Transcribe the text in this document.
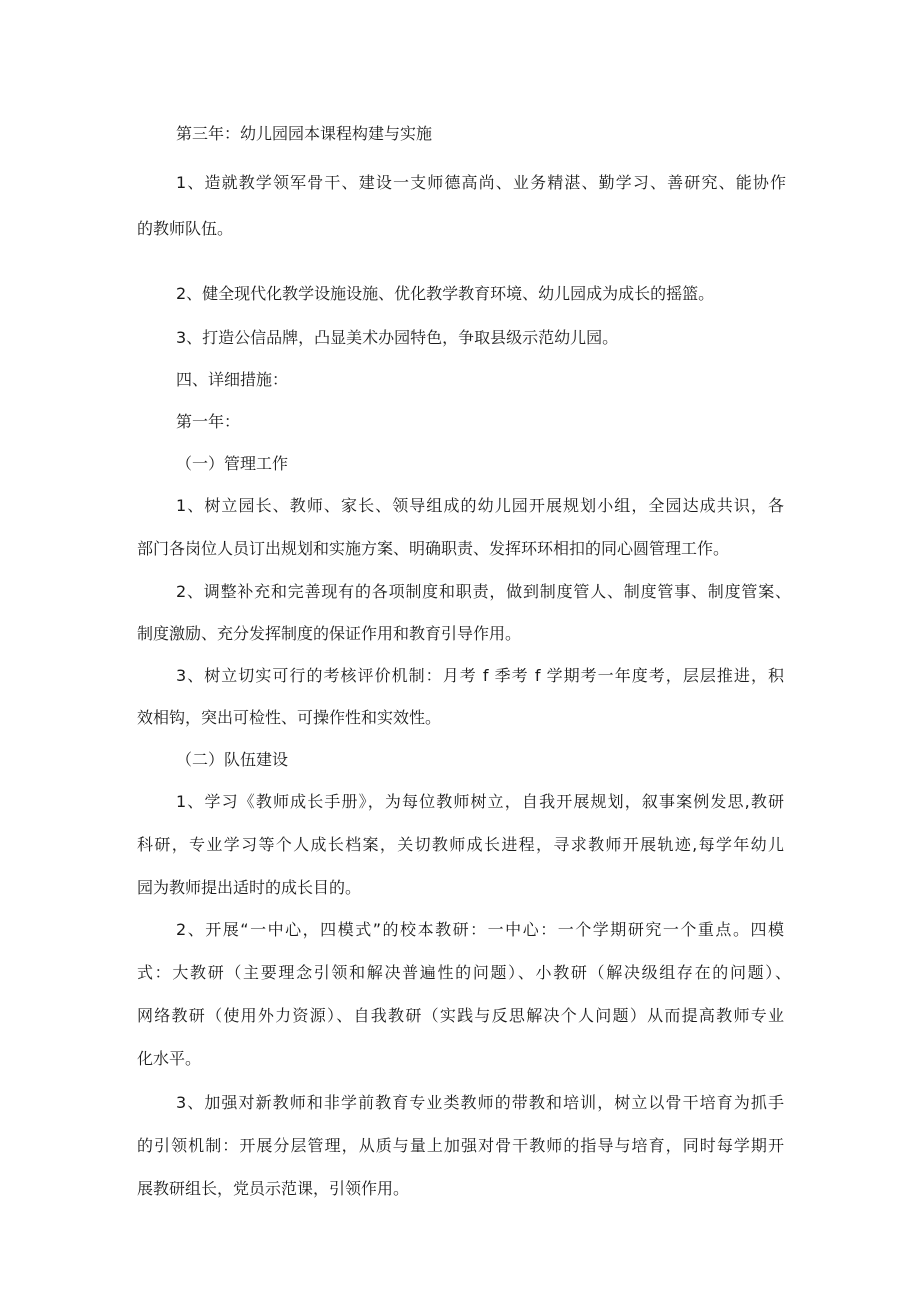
第三年：幼儿园园本课程构建与实施
1、造就教学领军骨干、建设一支师德高尚、业务精湛、勤学习、善研究、能协作
的教师队伍。
2、健全现代化教学设施设施、优化教学教育环境、幼儿园成为成长的摇篮。
3、打造公信品牌，凸显美术办园特色，争取县级示范幼儿园。
四、详细措施：
第一年：
（一）管理工作
1、树立园长、教师、家长、领导组成的幼儿园开展规划小组，全园达成共识，各
部门各岗位人员订出规划和实施方案、明确职责、发挥环环相扣的同心圆管理工作。
2、调整补充和完善现有的各项制度和职责，做到制度管人、制度管事、制度管案、
制度激励、充分发挥制度的保证作用和教育引导作用。
3、树立切实可行的考核评价机制：月考 f 季考 f 学期考一年度考，层层推进，积
效相钩，突出可检性、可操作性和实效性。
（二）队伍建设
1、学习《教师成长手册》，为每位教师树立，自我开展规划，叙事案例发思,教研
科研，专业学习等个人成长档案，关切教师成长进程，寻求教师开展轨迹,每学年幼儿
园为教师提出适时的成长目的。
2、开展“一中心，四模式”的校本教研：一中心：一个学期研究一个重点。四模
式：大教研（主要理念引领和解决普遍性的问题）、小教研（解决级组存在的问题）、
网络教研（使用外力资源）、自我教研（实践与反思解决个人问题）从而提高教师专业
化水平。
3、加强对新教师和非学前教育专业类教师的带教和培训，树立以骨干培育为抓手
的引领机制：开展分层管理，从质与量上加强对骨干教师的指导与培育，同时每学期开
展教研组长，党员示范课，引领作用。
